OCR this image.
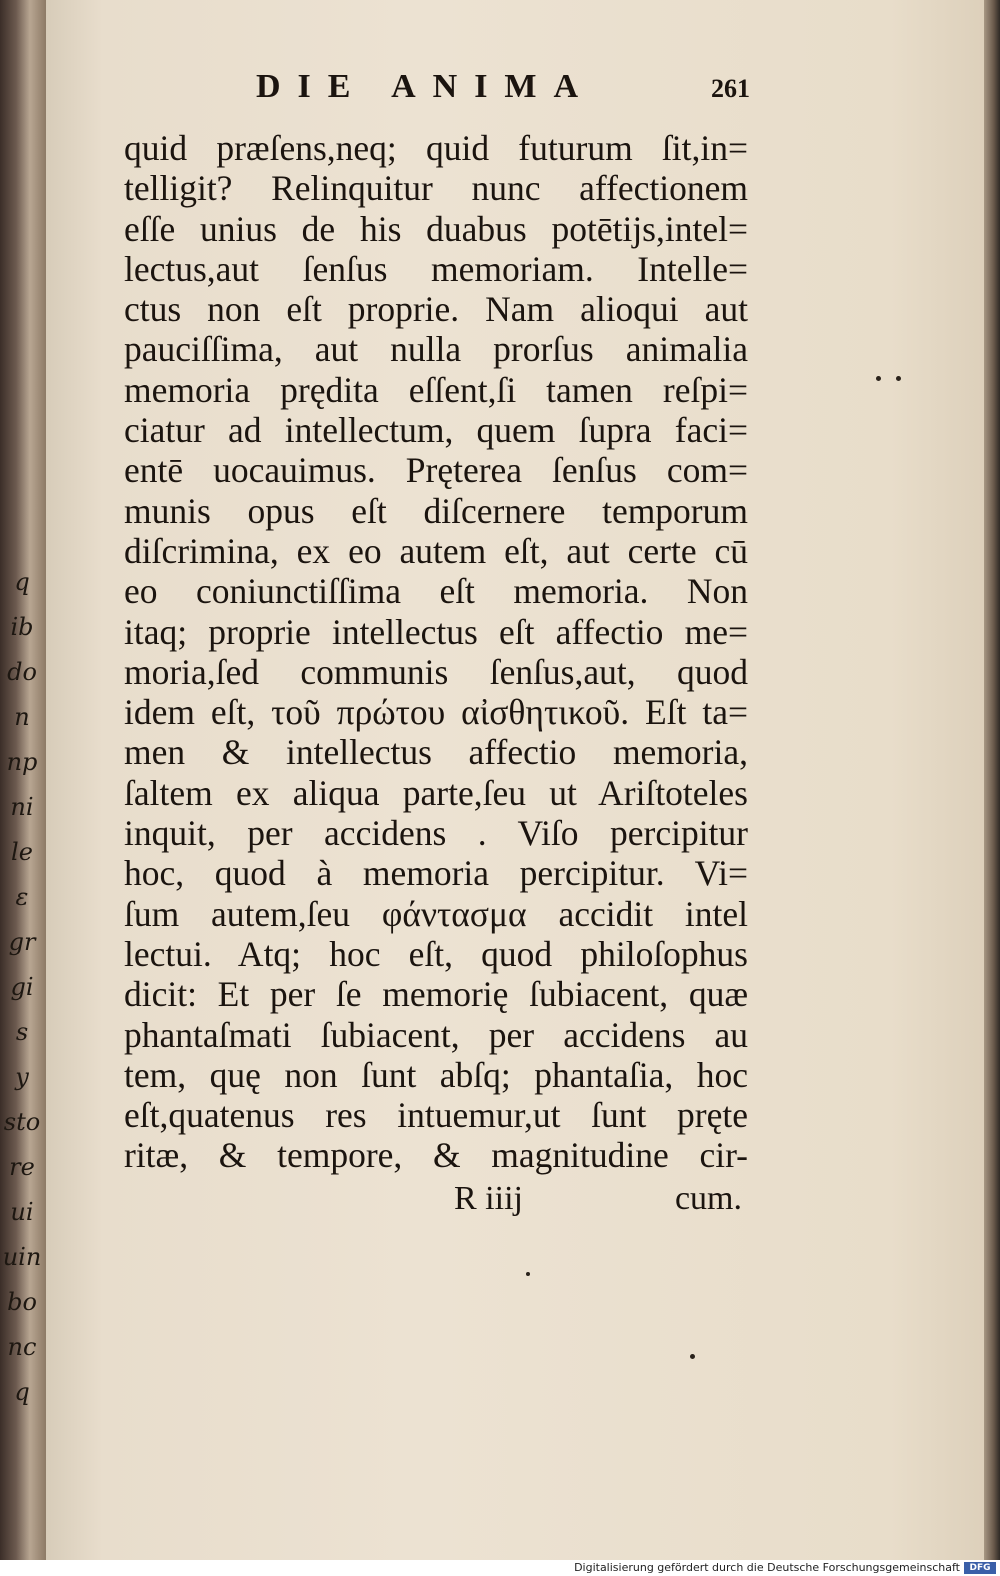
q
ib
do
n
np
ni
le
ε
gr
gi
s
y
sto
re
ui
uin
bo
nc
q
DIE ANIMA	261
quid præſens,neq; quid futurum ſit,in=
telligit? Relinquitur nunc affectionem
eſſe unius de his duabus potētijs,intel=
lectus,aut ſenſus memoriam. Intelle=
ctus non eſt proprie. Nam alioqui aut
pauciſſima, aut nulla prorſus animalia
memoria prędita eſſent,ſi tamen reſpi=
ciatur ad intellectum, quem ſupra faci=
entē uocauimus. Pręterea ſenſus com=
munis opus eſt diſcernere temporum
diſcrimina, ex eo autem eſt, aut certe cū
eo coniunctiſſima eſt memoria. Non
itaq; proprie intellectus eſt affectio me=
moria,ſed communis ſenſus,aut, quod
idem eſt, τοῦ πρώτου αἰσθητικοῦ. Eſt ta=
men & intellectus affectio memoria,
ſaltem ex aliqua parte,ſeu ut Ariſtoteles
inquit, per accidens . Viſo percipitur
hoc, quod à memoria percipitur. Vi=
ſum autem,ſeu φάντασμα accidit intel
lectui. Atq; hoc eſt, quod philoſophus
dicit: Et per ſe memorię ſubiacent, quæ
phantaſmati ſubiacent, per accidens au
tem, quę non ſunt abſq; phantaſia, hoc
eſt,quatenus res intuemur,ut ſunt pręte
ritæ, & tempore, & magnitudine cir-
R iiij	cum.
Digitalisierung gefördert durch die Deutsche Forschungsgemeinschaft	DFG
